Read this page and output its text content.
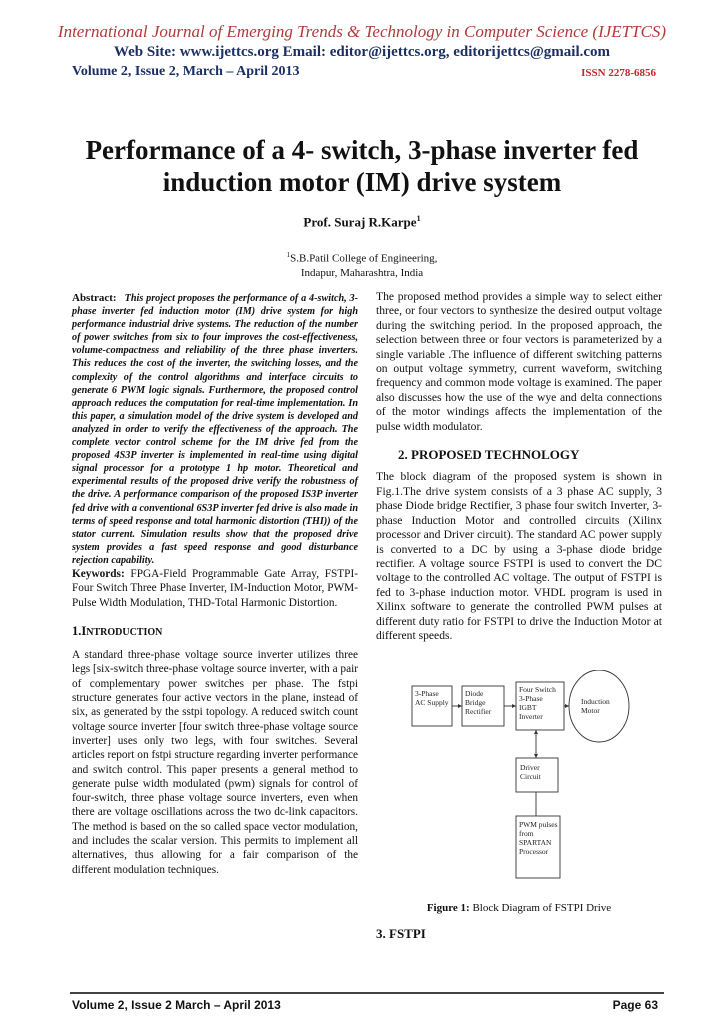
International Journal of Emerging Trends & Technology in Computer Science (IJETTCS)
Web Site: www.ijettcs.org Email: editor@ijettcs.org, editorijettcs@gmail.com
Volume 2, Issue 2, March – April 2013	ISSN 2278-6856
Performance of a 4- switch, 3-phase inverter fed
induction motor (IM) drive system
Prof. Suraj R.Karpe$^1$
$^1$S.B.Patil College of Engineering,
Indapur, Maharashtra, India

Abstract: This project proposes the performance of a 4-switch, 3-phase inverter fed induction motor (IM) drive system for high performance industrial drive systems. The reduction of the number of power switches from six to four improves the cost-effectiveness, volume-compactness and reliability of the three phase inverters. This reduces the cost of the inverter, the switching losses, and the complexity of the control algorithms and interface circuits to generate 6 PWM logic signals. Furthermore, the proposed control approach reduces the computation for real-time implementation. In this paper, a simulation model of the drive system is developed and analyzed in order to verify the effectiveness of the approach. The complete vector control scheme for the IM drive fed from the proposed 4S3P inverter is implemented in real-time using digital signal processor for a prototype 1 hp motor. Theoretical and experimental results of the proposed drive verify the robustness of the drive. A performance comparison of the proposed IS3P inverter fed drive with a conventional 6S3P inverter fed drive is also made in terms of speed response and total harmonic distortion (THI)) of the stator current. Simulation results show that the proposed drive system provides a fast speed response and good disturbance rejection capability.

Keywords: FPGA-Field Programmable Gate Array, FSTPI- Four Switch Three Phase Inverter, IM-Induction Motor, PWM-Pulse Width Modulation, THD-Total Harmonic Distortion.

1.INTRODUCTION

A standard three-phase voltage source inverter utilizes three legs [six-switch three-phase voltage source inverter, with a pair of complementary power switches per phase. The fstpi structure generates four active vectors in the plane, instead of six, as generated by the sstpi topology. A reduced switch count voltage source inverter [four switch three-phase voltage source inverter] uses only two legs, with four switches. Several articles report on fstpi structure regarding inverter performance and switch control. This paper presents a general method to generate pulse width modulated (pwm) signals for control of four-switch, three phase voltage source inverters, even when there are voltage oscillations across the two dc-link capacitors. The method is based on the so called space vector modulation, and includes the scalar version. This permits to implement all alternatives, thus allowing for a fair comparison of the different modulation techniques.

The proposed method provides a simple way to select either three, or four vectors to synthesize the desired output voltage during the switching period. In the proposed approach, the selection between three or four vectors is parameterized by a single variable .The influence of different switching patterns on output voltage symmetry, current waveform, switching frequency and common mode voltage is examined. The paper also discusses how the use of the wye and delta connections of the motor windings affects the implementation of the pulse width modulator.

2. PROPOSED TECHNOLOGY

The block diagram of the proposed system is shown in Fig.1.The drive system consists of a 3 phase AC supply, 3 phase Diode bridge Rectifier, 3 phase four switch Inverter, 3-phase Induction Motor and controlled circuits (Xilinx processor and Driver circuit). The standard AC power supply is converted to a DC by using a 3-phase diode bridge rectifier. A voltage source FSTPI is used to convert the DC voltage to the controlled AC voltage. The output of FSTPI is fed to 3-phase induction motor. VHDL program is used in Xilinx software to generate the controlled PWM pulses at different duty ratio for FSTPI to drive the Induction Motor at different speeds.

3-Phase
AC Supply
Diode
Bridge
Rectifier
Four Switch
3-Phase
IGBT
Inverter
Induction
Motor
Driver
Circuit
PWM pulses
from
SPARTAN
Processor
Figure 1: Block Diagram of FSTPI Drive
3. FSTPI
Volume 2, Issue 2 March – April 2013	Page 63
